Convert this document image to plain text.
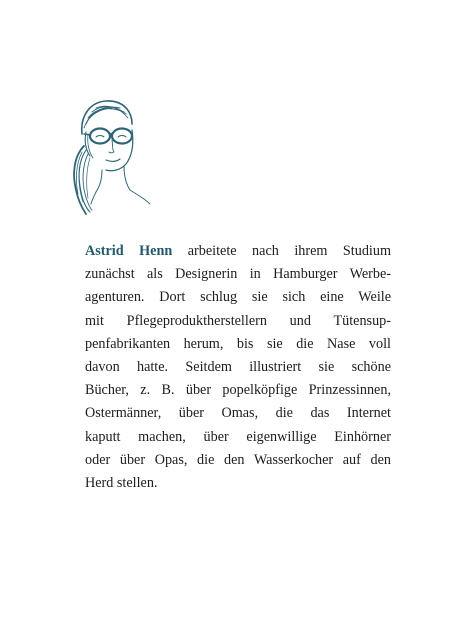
Astrid Henn arbeitete nach ihrem Studium
zunächst als Designerin in Hamburger Werbe-
agenturen. Dort schlug sie sich eine Weile
mit Pflegeproduktherstellern und Tütensup-
penfabrikanten herum, bis sie die Nase voll
davon hatte. Seitdem illustriert sie schöne
Bücher, z. B. über popelköpfige Prinzessinnen,
Ostermänner, über Omas, die das Internet
kaputt machen, über eigenwillige Einhörner
oder über Opas, die den Wasserkocher auf den
Herd stellen.
